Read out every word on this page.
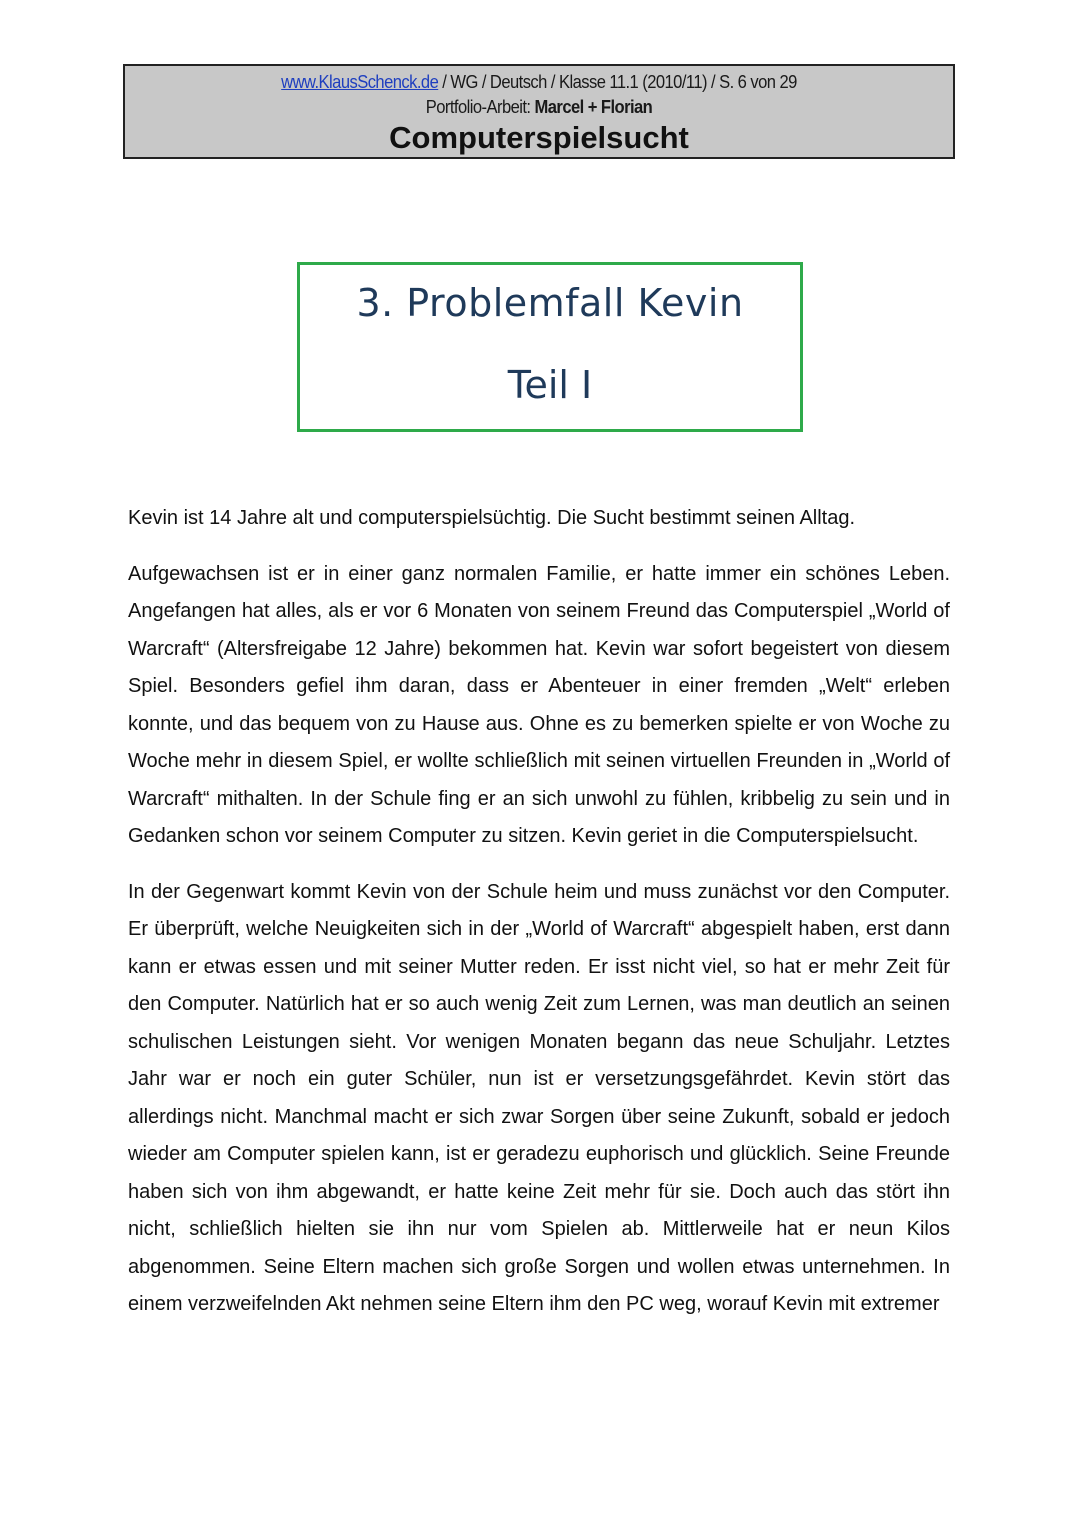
www.KlausSchenck.de / WG / Deutsch / Klasse 11.1 (2010/11) / S. 6 von 29
Portfolio-Arbeit: Marcel + Florian
Computerspielsucht
3. Problemfall Kevin
Teil I

Kevin ist 14 Jahre alt und computerspielsüchtig. Die Sucht bestimmt seinen Alltag.

Aufgewachsen ist er in einer ganz normalen Familie, er hatte immer ein schönes Leben. Angefangen hat alles, als er vor 6 Monaten von seinem Freund das Computerspiel „World of Warcraft“ (Altersfreigabe 12 Jahre) bekommen hat. Kevin war sofort begeistert von diesem Spiel. Besonders gefiel ihm daran, dass er Abenteuer in einer fremden „Welt“ erleben konnte, und das bequem von zu Hause aus. Ohne es zu bemerken spielte er von Woche zu Woche mehr in diesem Spiel, er wollte schließlich mit seinen virtuellen Freunden in „World of Warcraft“ mithalten. In der Schule fing er an sich unwohl zu fühlen, kribbelig zu sein und in Gedanken schon vor seinem Computer zu sitzen. Kevin geriet in die Computerspielsucht.

In der Gegenwart kommt Kevin von der Schule heim und muss zunächst vor den Computer. Er überprüft, welche Neuigkeiten sich in der „World of Warcraft“ abgespielt haben, erst dann kann er etwas essen und mit seiner Mutter reden. Er isst nicht viel, so hat er mehr Zeit für den Computer. Natürlich hat er so auch wenig Zeit zum Lernen, was man deutlich an seinen schulischen Leistungen sieht. Vor wenigen Monaten begann das neue Schuljahr. Letztes Jahr war er noch ein guter Schüler, nun ist er versetzungsgefährdet. Kevin stört das allerdings nicht. Manchmal macht er sich zwar Sorgen über seine Zukunft, sobald er jedoch wieder am Computer spielen kann, ist er geradezu euphorisch und glücklich. Seine Freunde haben sich von ihm abgewandt, er hatte keine Zeit mehr für sie. Doch auch das stört ihn nicht, schließlich hielten sie ihn nur vom Spielen ab. Mittlerweile hat er neun Kilos abgenommen. Seine Eltern machen sich große Sorgen und wollen etwas unternehmen. In einem verzweifelnden Akt nehmen seine Eltern ihm den PC weg, worauf Kevin mit extremer
